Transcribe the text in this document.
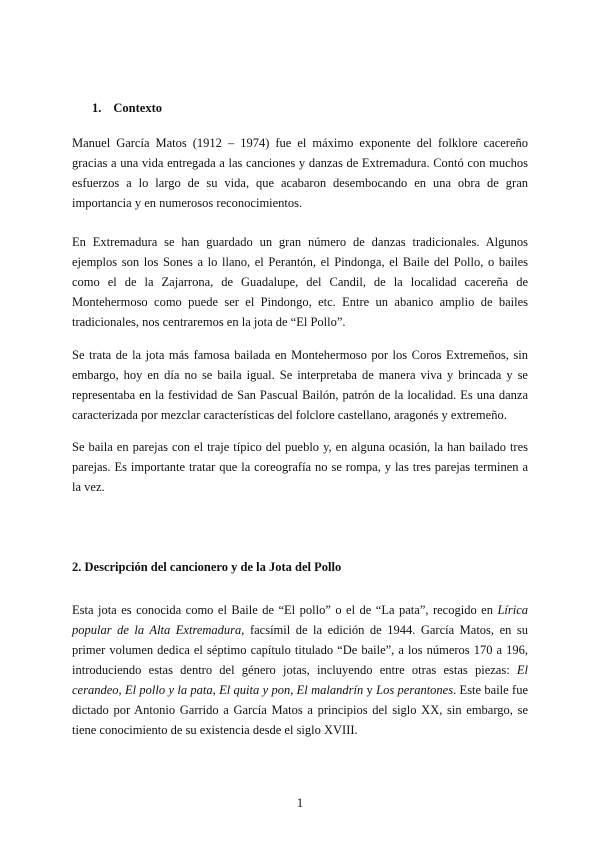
1. Contexto

Manuel García Matos (1912 – 1974) fue el máximo exponente del folklore cacereño gracias a una vida entregada a las canciones y danzas de Extremadura. Contó con muchos esfuerzos a lo largo de su vida, que acabaron desembocando en una obra de gran importancia y en numerosos reconocimientos.

En Extremadura se han guardado un gran número de danzas tradicionales. Algunos ejemplos son los Sones a lo llano, el Perantón, el Pindonga, el Baile del Pollo, o bailes como el de la Zajarrona, de Guadalupe, del Candil, de la localidad cacereña de Montehermoso como puede ser el Pindongo, etc. Entre un abanico amplio de bailes tradicionales, nos centraremos en la jota de “El Pollo”.

Se trata de la jota más famosa bailada en Montehermoso por los Coros Extremeños, sin embargo, hoy en día no se baila igual. Se interpretaba de manera viva y brincada y se representaba en la festividad de San Pascual Bailón, patrón de la localidad. Es una danza caracterizada por mezclar características del folclore castellano, aragonés y extremeño.

Se baila en parejas con el traje típico del pueblo y, en alguna ocasión, la han bailado tres parejas. Es importante tratar que la coreografía no se rompa, y las tres parejas terminen a la vez.

2. Descripción del cancionero y de la Jota del Pollo

Esta jota es conocida como el Baile de “El pollo” o el de “La pata”, recogido en Lírica popular de la Alta Extremadura, facsímil de la edición de 1944. García Matos, en su primer volumen dedica el séptimo capítulo titulado “De baile”, a los números 170 a 196, introduciendo estas dentro del género jotas, incluyendo entre otras estas piezas: El cerandeo, El pollo y la pata, El quita y pon, El malandrín y Los perantones. Este baile fue dictado por Antonio Garrido a García Matos a principios del siglo XX, sin embargo, se tiene conocimiento de su existencia desde el siglo XVIII.

1
